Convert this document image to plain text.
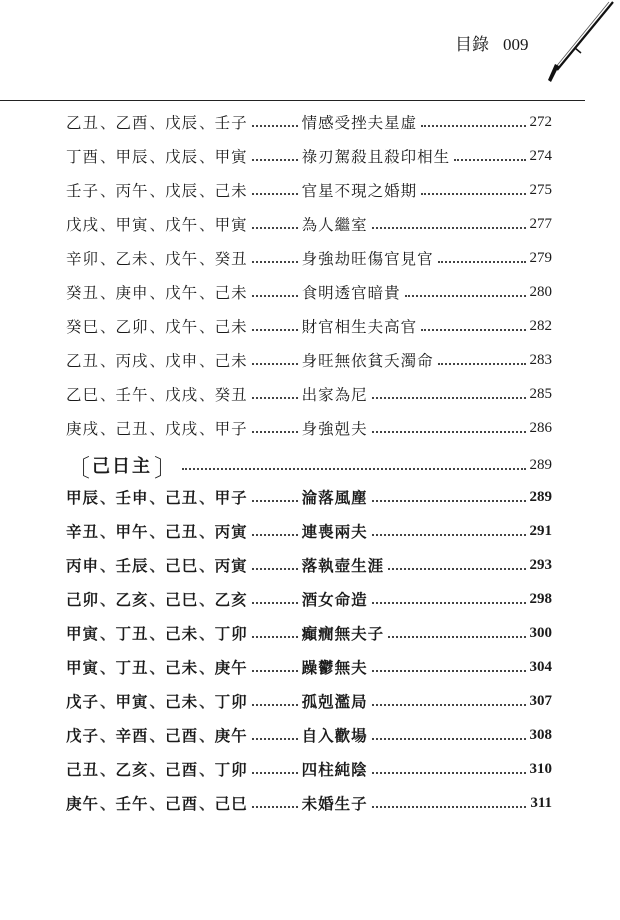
目錄 009
乙丑、乙酉、戊辰、壬子	情感受挫夫星虛	272
丁酉、甲辰、戊辰、甲寅	祿刃駕殺且殺印相生	274
壬子、丙午、戊辰、己未	官星不現之婚期	275
戊戌、甲寅、戊午、甲寅	為人繼室	277
辛卯、乙未、戊午、癸丑	身強劫旺傷官見官	279
癸丑、庚申、戊午、己未	食明透官暗貴	280
癸巳、乙卯、戊午、己未	財官相生夫高官	282
乙丑、丙戌、戊申、己未	身旺無依貧夭濁命	283
乙巳、壬午、戊戌、癸丑	出家為尼	285
庚戌、己丑、戊戌、甲子	身強剋夫	286
〔 己日主 〕	289
甲辰、壬申、己丑、甲子	淪落風塵	289
辛丑、甲午、己丑、丙寅	連喪兩夫	291
丙申、壬辰、己巳、丙寅	落執壺生涯	293
己卯、乙亥、己巳、乙亥	酒女命造	298
甲寅、丁丑、己未、丁卯	癲癇無夫子	300
甲寅、丁丑、己未、庚午	躁鬱無夫	304
戊子、甲寅、己未、丁卯	孤剋濫局	307
戊子、辛酉、己酉、庚午	自入歡場	308
己丑、乙亥、己酉、丁卯	四柱純陰	310
庚午、壬午、己酉、己巳	未婚生子	311
